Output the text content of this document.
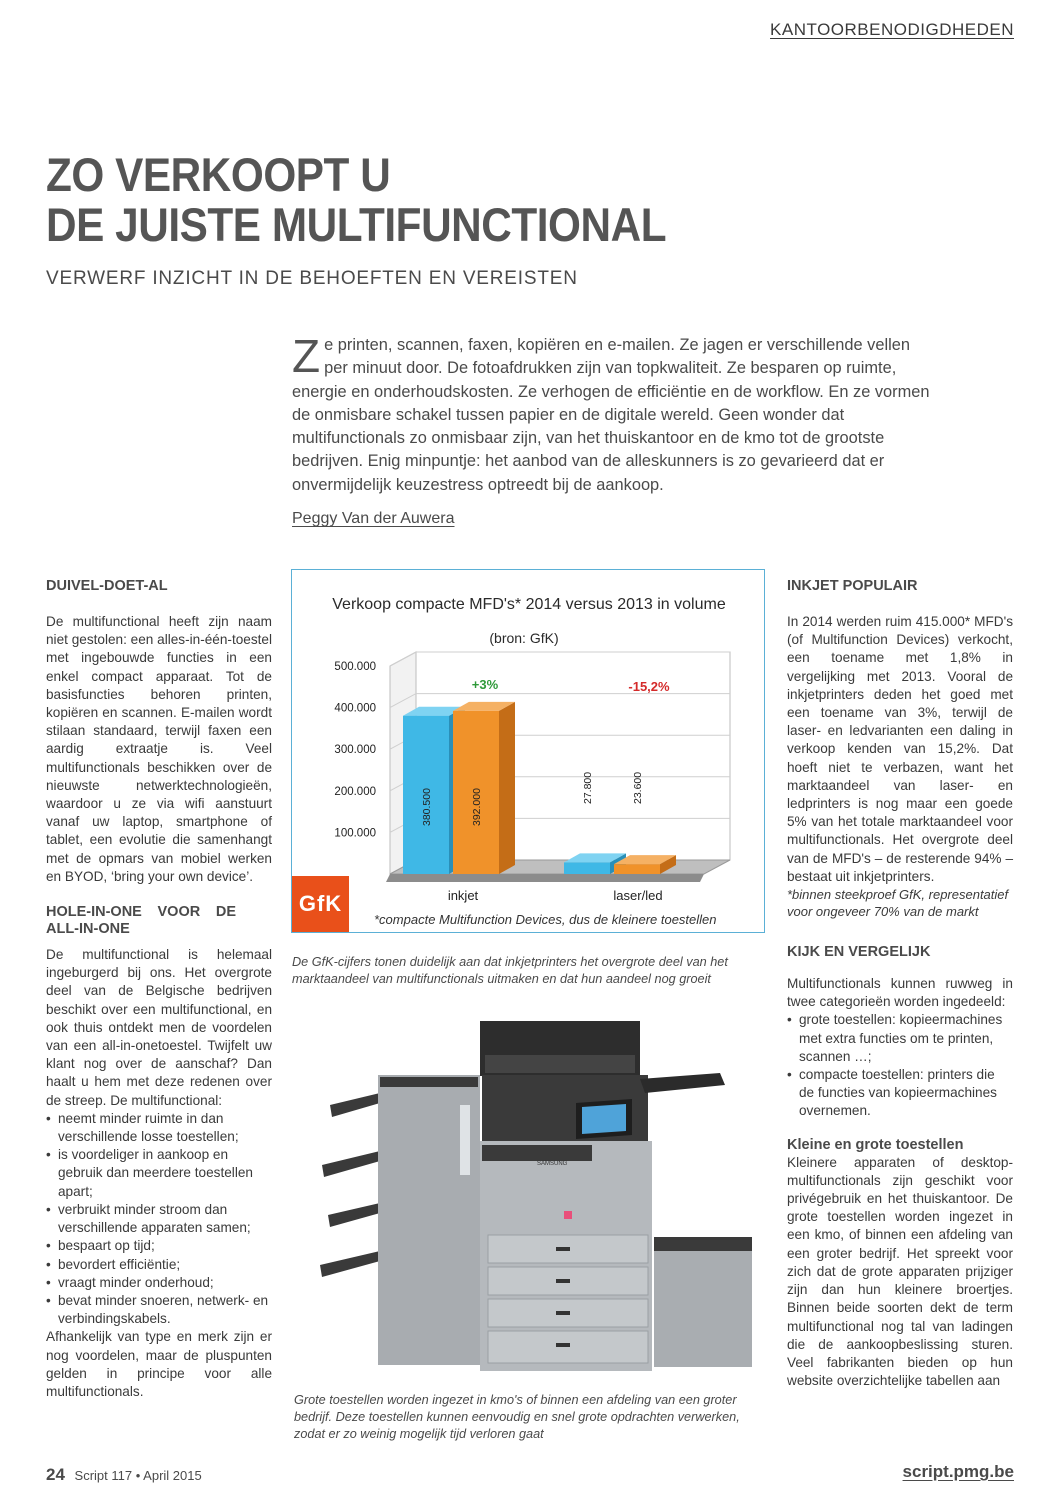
KANTOORBENODIGDHEDEN
ZO VERKOOPT U
DE JUISTE MULTIFUNCTIONAL
VERWERF INZICHT IN DE BEHOEFTEN EN VEREISTEN
Ze printen, scannen, faxen, kopiëren en e-mailen. Ze jagen er verschillende vellen per minuut door. De fotoafdrukken zijn van topkwaliteit. Ze besparen op ruimte, energie en onderhoudskosten. Ze verhogen de efficiëntie en de workflow. En ze vormen de onmisbare schakel tussen papier en de digitale wereld. Geen wonder dat multifunctionals zo onmisbaar zijn, van het thuiskantoor en de kmo tot de grootste bedrijven. Enig minpuntje: het aanbod van de alleskunners is zo gevarieerd dat er onvermijdelijk keuzestress optreedt bij de aankoop.
Peggy Van der Auwera
DUIVEL-DOET-AL

De multifunctional heeft zijn naam niet gestolen: een alles-in-één-toestel met ingebouwde functies in een enkel compact apparaat. Tot de basisfuncties behoren printen, kopiëren en scannen. E-mailen wordt stilaan standaard, terwijl faxen een aardig extraatje is. Veel multifunctionals beschikken over de nieuwste netwerktechnologieën, waardoor u ze via wifi aanstuurt vanaf uw laptop, smartphone of tablet, een evolutie die samenhangt met de opmars van mobiel werken en BYOD, ‘bring your own device’.

HOLE-IN-ONE VOOR DE ALL-IN-ONE

De multifunctional is helemaal ingeburgerd bij ons. Het overgrote deel van de Belgische bedrijven beschikt over een multifunctional, en ook thuis ontdekt men de voordelen van een all-in-onetoestel. Twijfelt uw klant nog over de aanschaf? Dan haalt u hem met deze redenen over de streep. De multifunctional:

• neemt minder ruimte in dan verschillende losse toestellen;
• is voordeliger in aankoop en gebruik dan meerdere toestellen apart;
• verbruikt minder stroom dan verschillende apparaten samen;
• bespaart op tijd;
• bevordert efficiëntie;
• vraagt minder onderhoud;
• bevat minder snoeren, netwerk- en verbindingskabels.

Afhankelijk van type en merk zijn er nog voordelen, maar de pluspunten gelden in principe voor alle multifunctionals.

Verkoop compacte MFD's* 2014 versus 2013 in volume
(bron: GfK)
100.000
200.000
300.000
400.000
500.000
380.500	392.000
inkjet
27.800	23.600
laser/led
+3%	-15,2%
*compacte Multifunction Devices, dus de kleinere toestellen
GfK
De GfK-cijfers tonen duidelijk aan dat inkjetprinters het overgrote deel van het marktaandeel van multifunctionals uitmaken en dat hun aandeel nog groeit
SAMSUNG
Grote toestellen worden ingezet in kmo's of binnen een afdeling van een groter bedrijf. Deze toestellen kunnen eenvoudig en snel grote opdrachten verwerken, zodat er zo weinig mogelijk tijd verloren gaat
INKJET POPULAIR

In 2014 werden ruim 415.000* MFD's (of Multifunction Devices) verkocht, een toename met 1,8% in vergelijking met 2013. Vooral de inkjetprinters deden het goed met een toename van 3%, terwijl de laser- en ledvarianten een daling in verkoop kenden van 15,2%. Dat hoeft niet te verbazen, want het marktaandeel van laser- en ledprinters is nog maar een goede 5% van het totale marktaandeel voor multifunctionals. Het overgrote deel van de MFD's – de resterende 94% – bestaat uit inkjetprinters.

*binnen steekproef GfK, representatief voor ongeveer 70% van de markt

KIJK EN VERGELIJK

Multifunctionals kunnen ruwweg in twee categorieën worden ingedeeld:

• grote toestellen: kopieermachines met extra functies om te printen, scannen …;
• compacte toestellen: printers die de functies van kopieermachines overnemen.
Kleine en grote toestellen

Kleinere apparaten of desktop-multifunctionals zijn geschikt voor privégebruik en het thuiskantoor. De grote toestellen worden ingezet in een kmo, of binnen een afdeling van een groter bedrijf. Het spreekt voor zich dat de grote apparaten prijziger zijn dan hun kleinere broertjes. Binnen beide soorten dekt de term multifunctional nog tal van ladingen die de aankoopbeslissing sturen. Veel fabrikanten bieden op hun website overzichtelijke tabellen aan

24 Script 117 • April 2015	script.pmg.be
